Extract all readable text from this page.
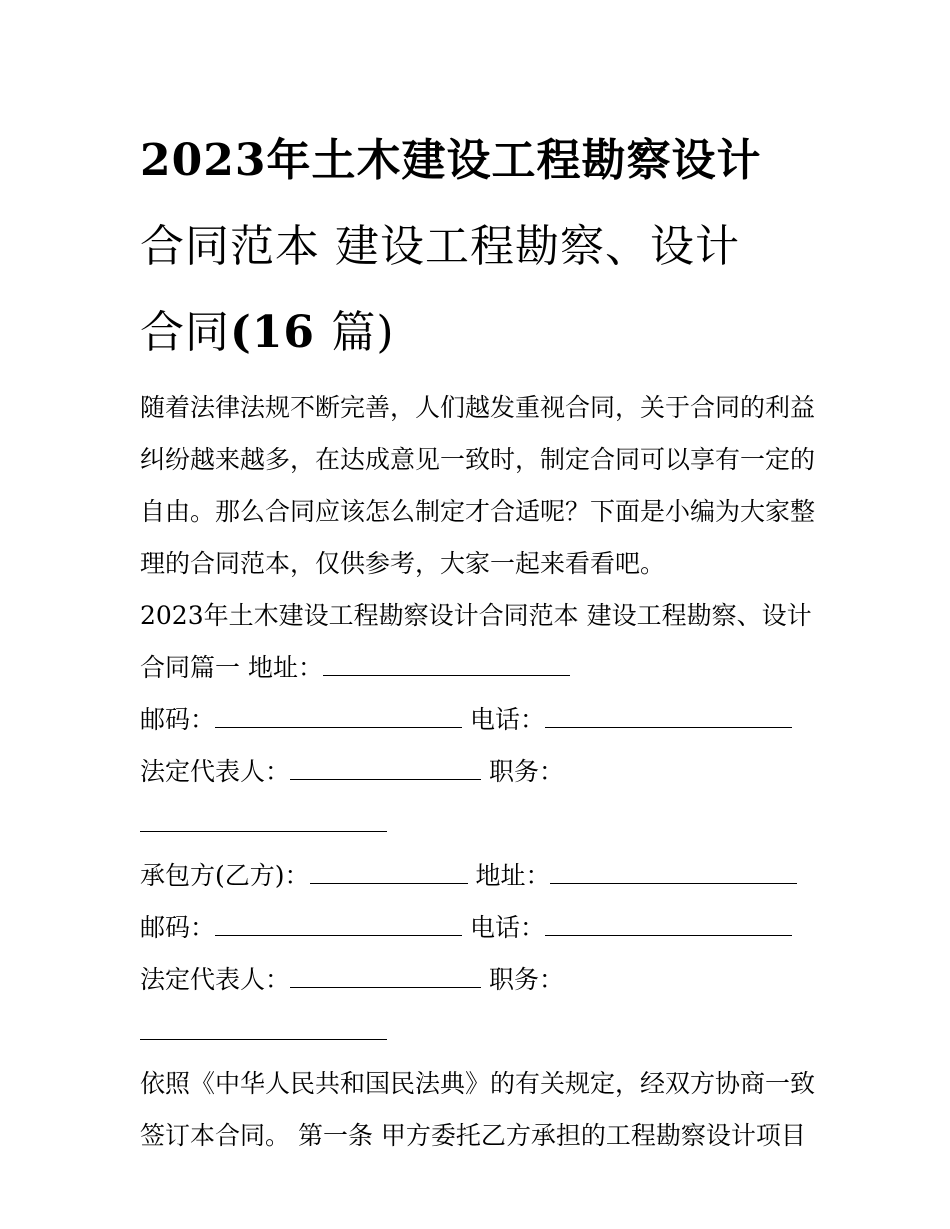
2023年土木建设工程勘察设计
合同范本 建设工程勘察、设计
合同(16 篇)
随着法律法规不断完善，人们越发重视合同，关于合同的利益
纠纷越来越多，在达成意见一致时，制定合同可以享有一定的
自由。那么合同应该怎么制定才合适呢？下面是小编为大家整
理的合同范本，仅供参考，大家一起来看看吧。
2023年土木建设工程勘察设计合同范本 建设工程勘察、设计
合同篇一 地址：
邮码：	电话：
法定代表人：	职务：
承包方(乙方)：	地址：
邮码：	电话：
法定代表人：	职务：
依照《中华人民共和国民法典》的有关规定，经双方协商一致
签订本合同。 第一条 甲方委托乙方承担的工程勘察设计项目
